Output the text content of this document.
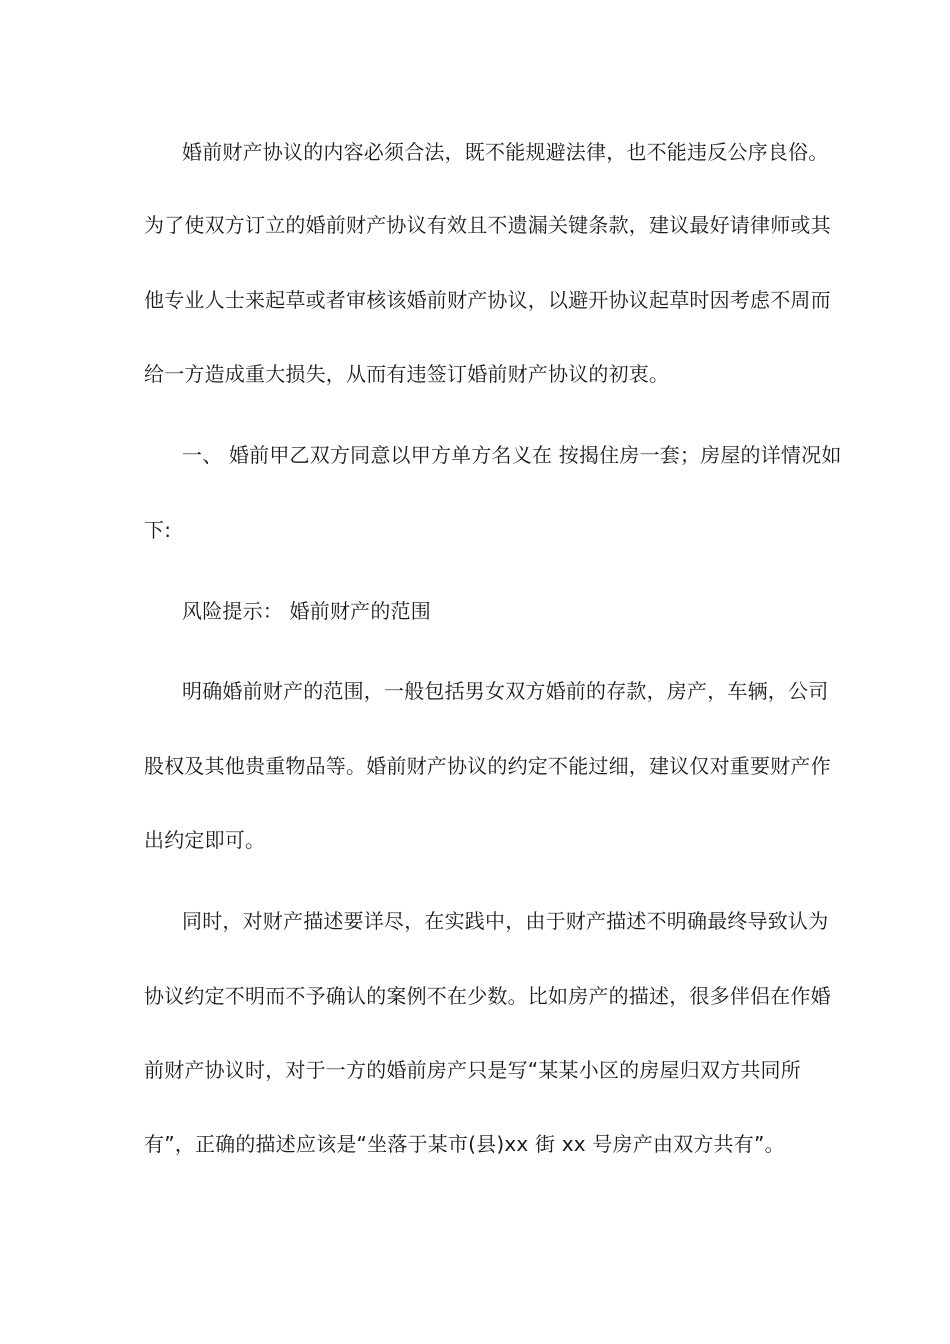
婚前财产协议的内容必须合法，既不能规避法律，也不能违反公序良俗。
为了使双方订立的婚前财产协议有效且不遗漏关键条款，建议最好请律师或其
他专业人士来起草或者审核该婚前财产协议，以避开协议起草时因考虑不周而
给一方造成重大损失，从而有违签订婚前财产协议的初衷。
一、 婚前甲乙双方同意以甲方单方名义在 按揭住房一套；房屋的详情况如
下:
风险提示： 婚前财产的范围
明确婚前财产的范围，一般包括男女双方婚前的存款，房产，车辆，公司
股权及其他贵重物品等。婚前财产协议的约定不能过细，建议仅对重要财产作
出约定即可。
同时，对财产描述要详尽，在实践中，由于财产描述不明确最终导致认为
协议约定不明而不予确认的案例不在少数。比如房产的描述，很多伴侣在作婚
前财产协议时，对于一方的婚前房产只是写“某某小区的房屋归双方共同所
有”，正确的描述应该是“坐落于某市(县)xx 街 xx 号房产由双方共有”。
